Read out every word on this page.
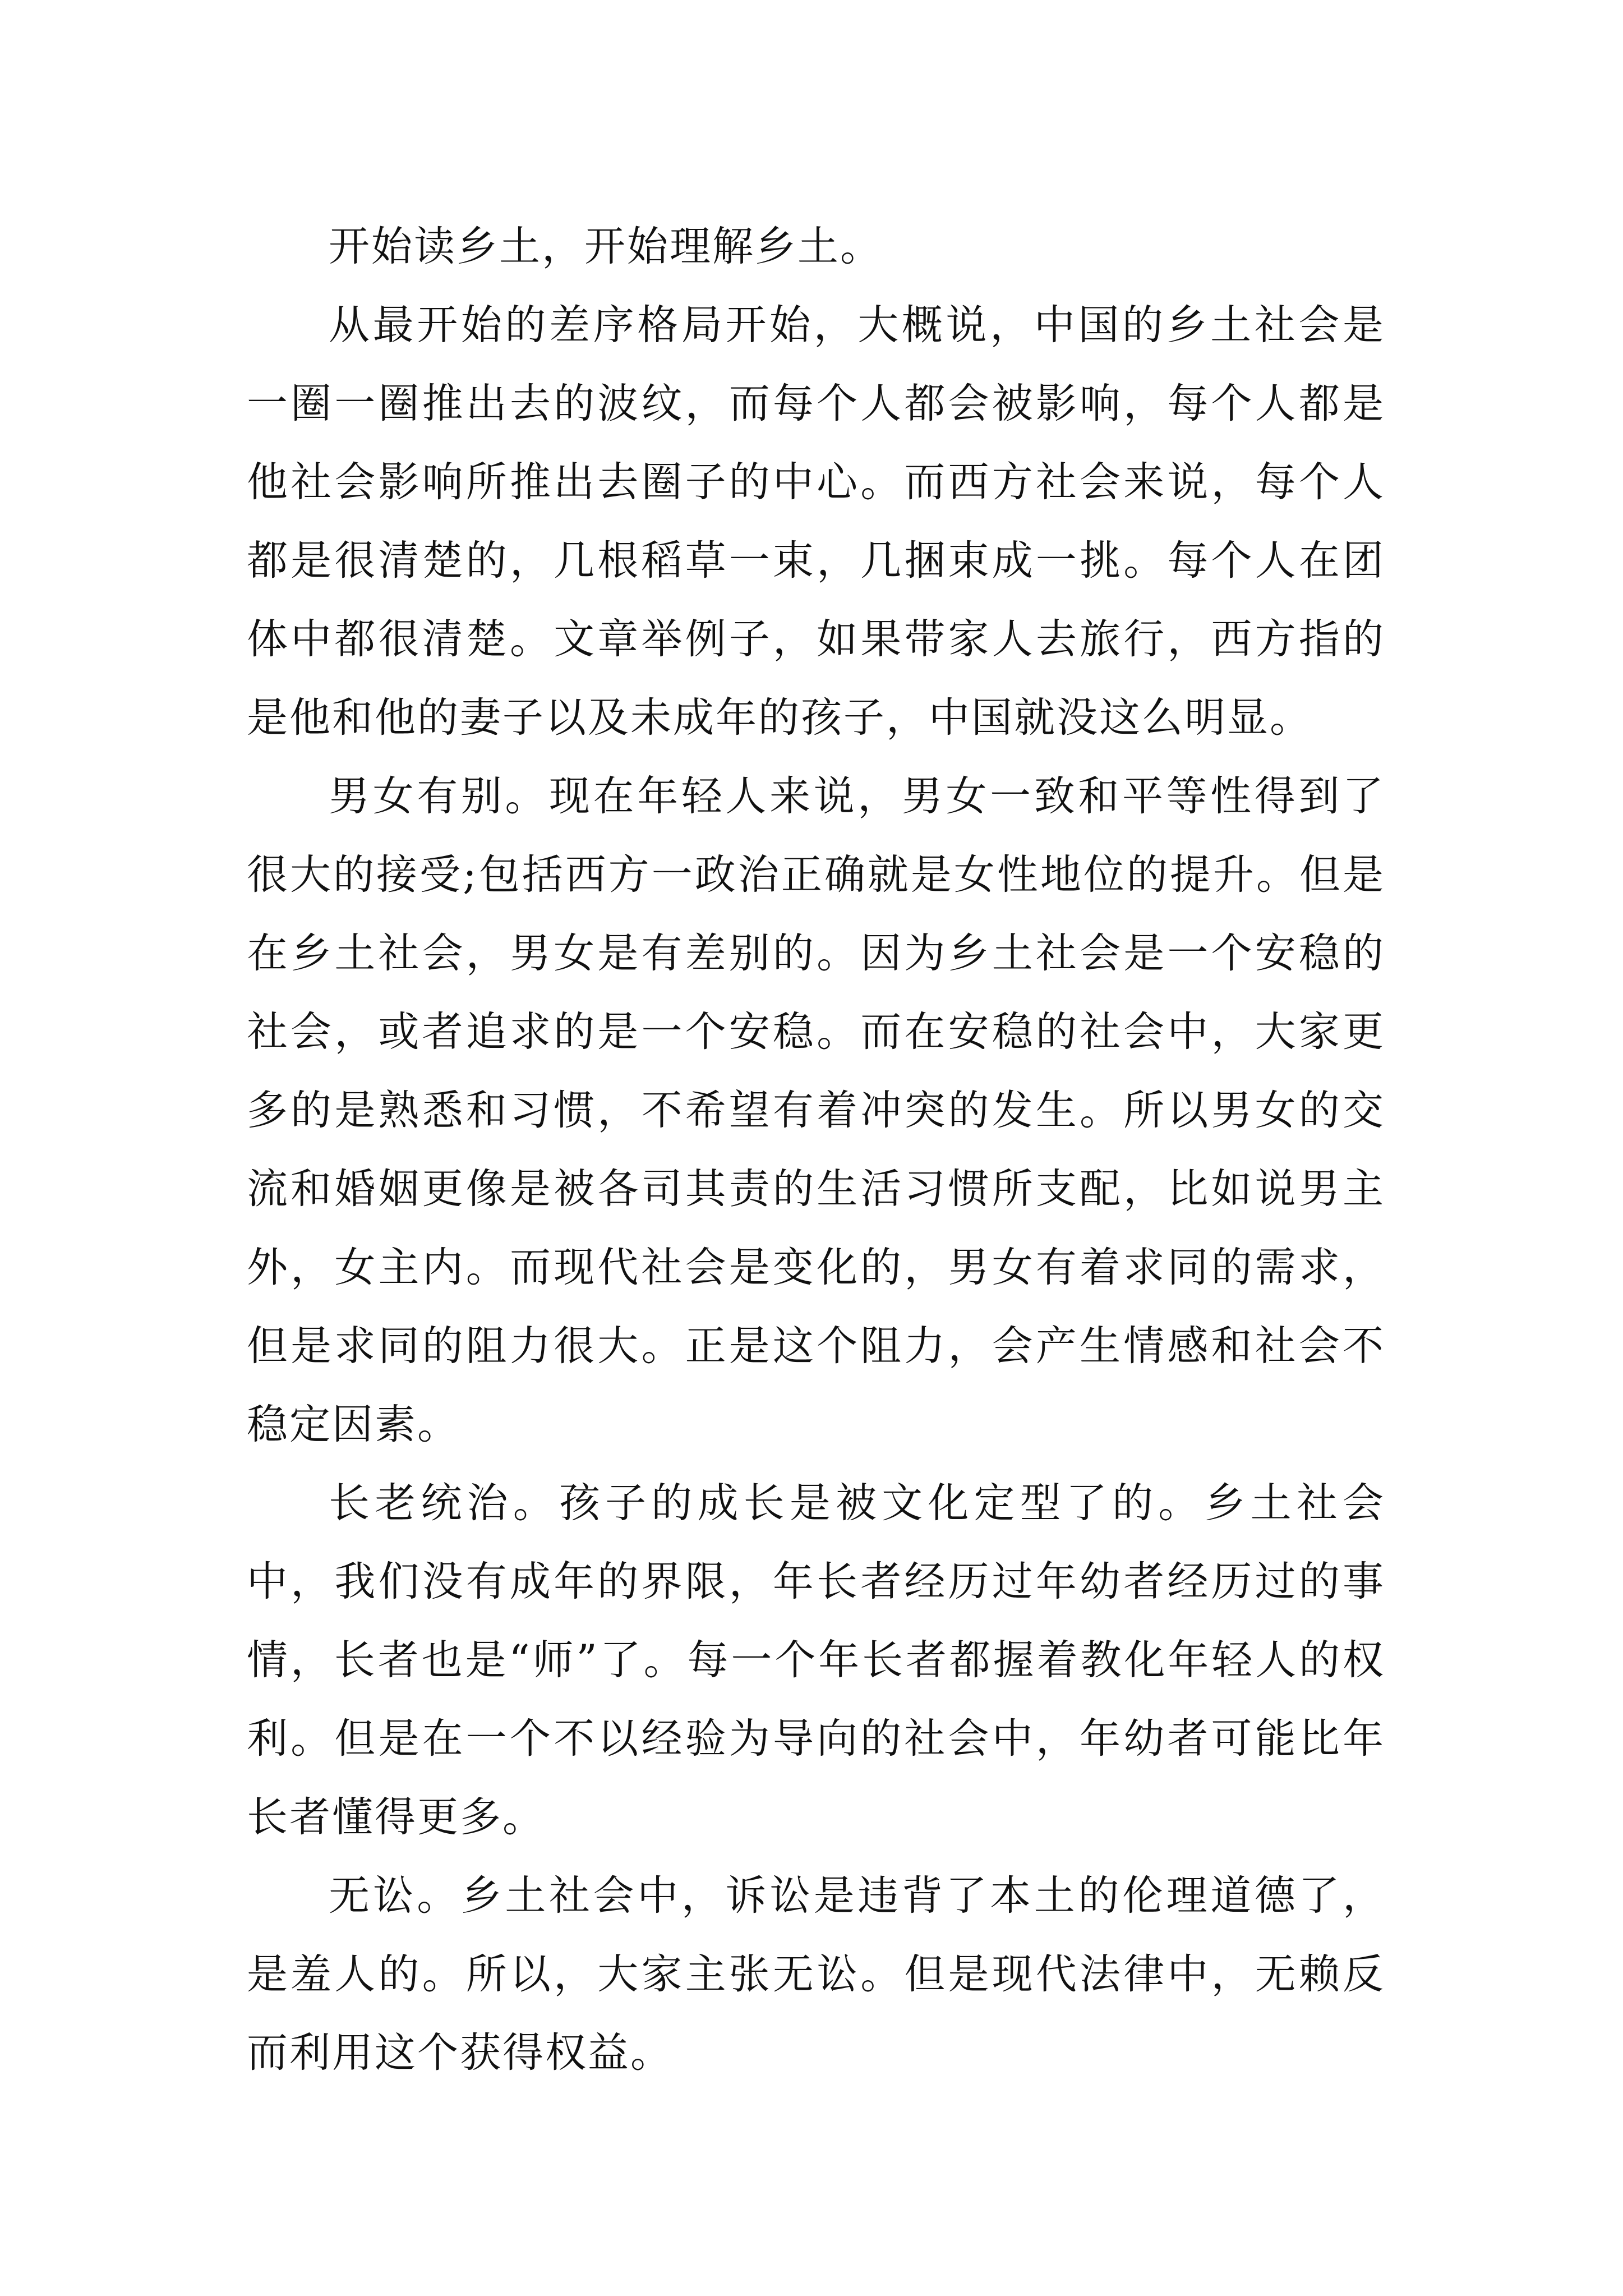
开始读乡土，开始理解乡土。

从最开始的差序格局开始，大概说，中国的乡土社会是一圈一圈推出去的波纹，而每个人都会被影响，每个人都是他社会影响所推出去圈子的中心。而西方社会来说，每个人都是很清楚的，几根稻草一束，几捆束成一挑。每个人在团体中都很清楚。文章举例子，如果带家人去旅行，西方指的是他和他的妻子以及未成年的孩子，中国就没这么明显。

男女有别。现在年轻人来说，男女一致和平等性得到了很大的接受;包括西方一政治正确就是女性地位的提升。但是在乡土社会，男女是有差别的。因为乡土社会是一个安稳的社会，或者追求的是一个安稳。而在安稳的社会中，大家更多的是熟悉和习惯，不希望有着冲突的发生。所以男女的交流和婚姻更像是被各司其责的生活习惯所支配，比如说男主外，女主内。而现代社会是变化的，男女有着求同的需求，但是求同的阻力很大。正是这个阻力，会产生情感和社会不稳定因素。

长老统治。孩子的成长是被文化定型了的。乡土社会中，我们没有成年的界限，年长者经历过年幼者经历过的事情，长者也是“师”了。每一个年长者都握着教化年轻人的权利。但是在一个不以经验为导向的社会中，年幼者可能比年长者懂得更多。

无讼。乡土社会中，诉讼是违背了本土的伦理道德了，是羞人的。所以，大家主张无讼。但是现代法律中，无赖反而利用这个获得权益。
